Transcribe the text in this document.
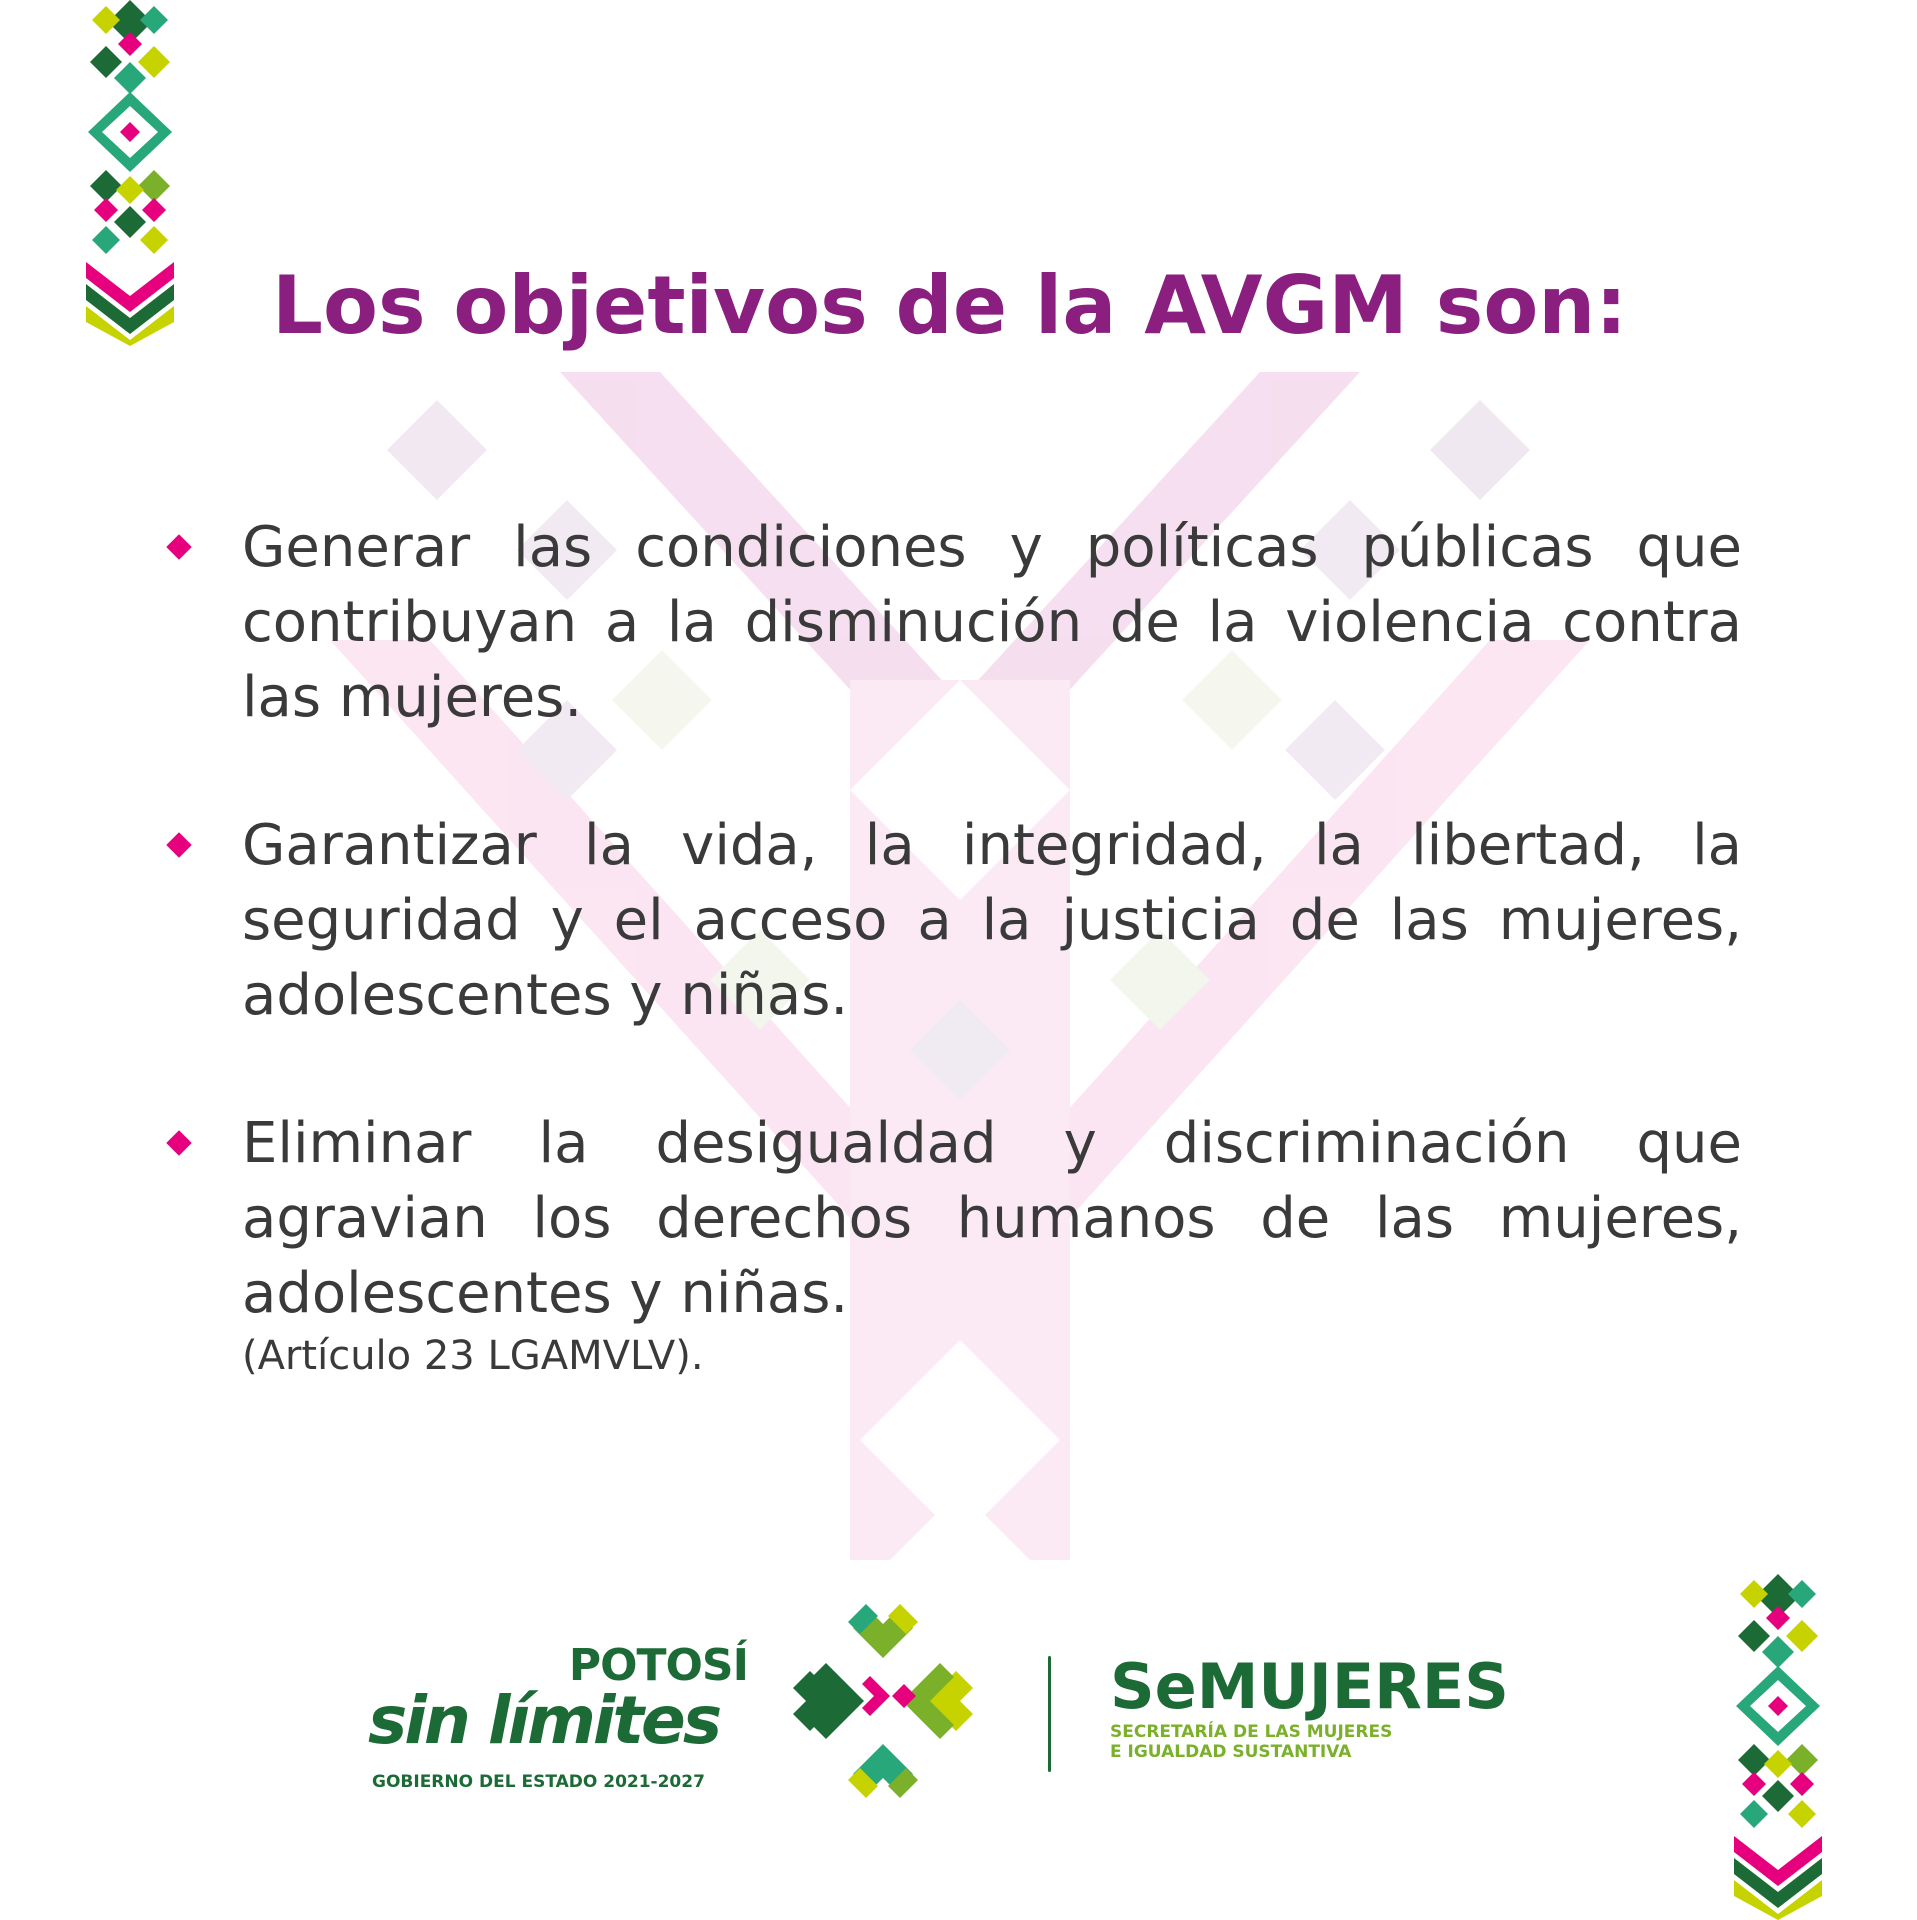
Los objetivos de la AVGM son:

Generar las condiciones y políticas públicas que contribuyan a la disminución de la violencia contra las mujeres.

Garantizar la vida, la integridad, la libertad, la seguridad y el acceso a la justicia de las mujeres, adolescentes y niñas.

Eliminar la desigualdad y discriminación que agravian los derechos humanos de las mujeres, adolescentes y niñas.

(Artículo 23 LGAMVLV).

POTOSÍ

sin límites

GOBIERNO DEL ESTADO 2021-2027

SeMUJERES

SECRETARÍA DE LAS MUJERES

E IGUALDAD SUSTANTIVA
